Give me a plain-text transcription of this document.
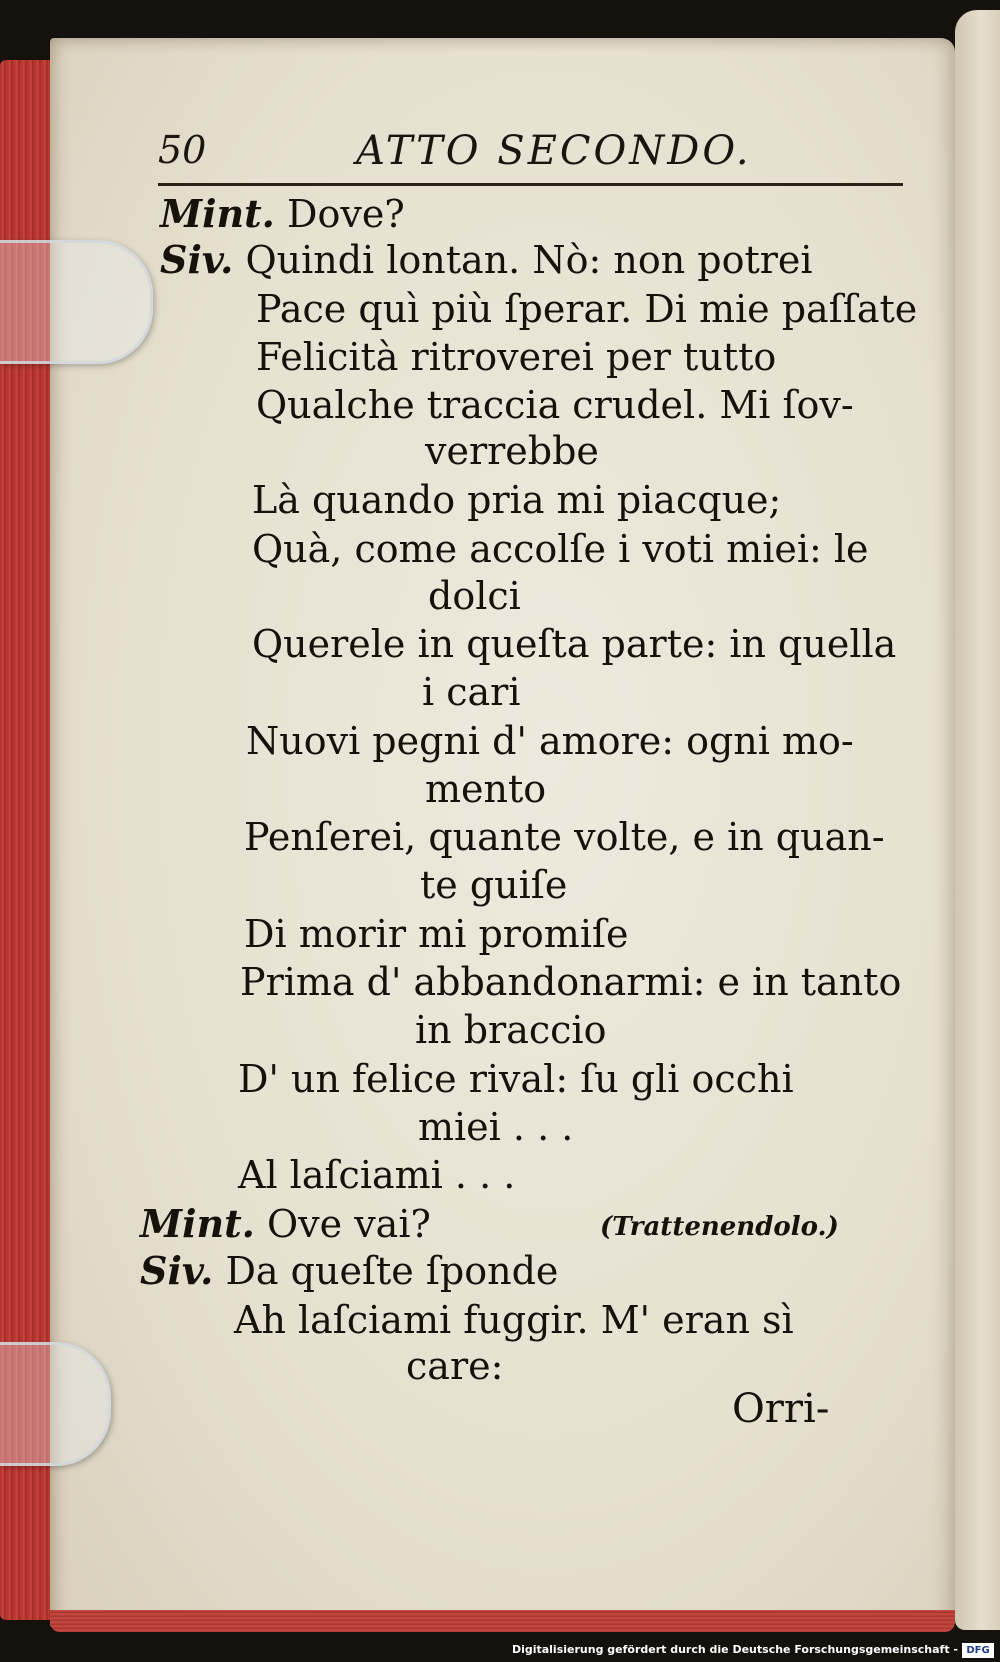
50	ATTO SECONDO.
Mint. Dove?
Siv. Quindi lontan. Nò: non potrei
Pace quì più ſperar. Di mie paſſate
Felicità ritroverei per tutto
Qualche traccia crudel. Mi ſov-
verrebbe
Là quando pria mi piacque;
Quà, come accolſe i voti miei: le
dolci
Querele in queſta parte: in quella
i cari
Nuovi pegni d' amore: ogni mo-
mento
Penſerei, quante volte, e in quan-
te guiſe
Di morir mi promiſe
Prima d' abbandonarmi: e in tanto
in braccio
D' un felice rival: ſu gli occhi
miei . . .
Al laſciami . . .
Mint. Ove vai?	(Trattenendolo.)
Siv. Da queſte ſponde
Ah laſciami fuggir. M' eran sì
care:
Orri-
Digitalisierung gefördert durch die Deutsche Forschungsgemeinschaft - DFG
